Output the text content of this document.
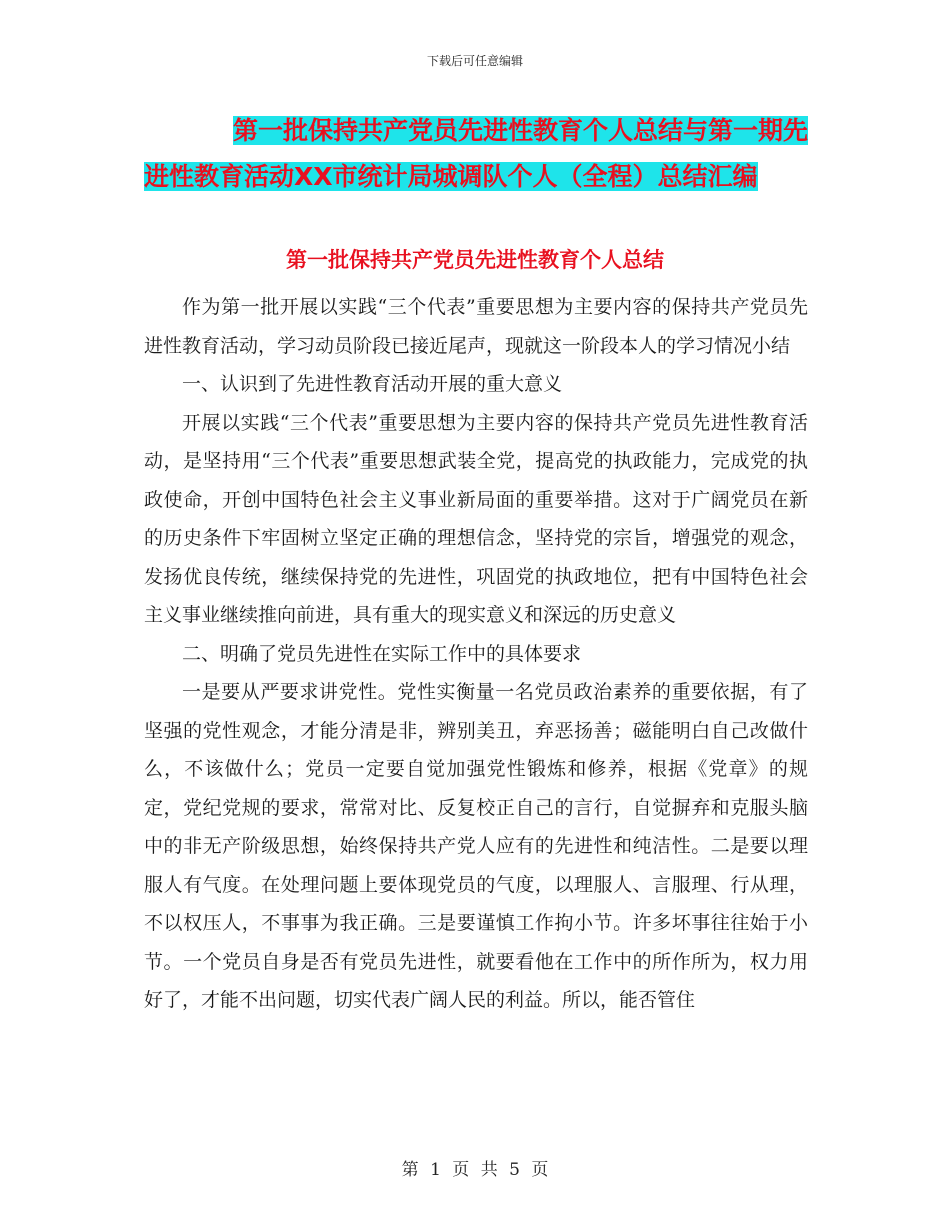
下载后可任意编辑
第一批保持共产党员先进性教育个人总结与第一期先
进性教育活动XX市统计局城调队个人（全程）总结汇编
第一批保持共产党员先进性教育个人总结

作为第一批开展以实践“三个代表”重要思想为主要内容的保持共产党员先进性教育活动，学习动员阶段已接近尾声，现就这一阶段本人的学习情况小结

一、认识到了先进性教育活动开展的重大意义

开展以实践“三个代表”重要思想为主要内容的保持共产党员先进性教育活动，是坚持用“三个代表”重要思想武装全党，提高党的执政能力，完成党的执政使命，开创中国特色社会主义事业新局面的重要举措。这对于广阔党员在新的历史条件下牢固树立坚定正确的理想信念，坚持党的宗旨，增强党的观念，发扬优良传统，继续保持党的先进性，巩固党的执政地位，把有中国特色社会主义事业继续推向前进，具有重大的现实意义和深远的历史意义

二、明确了党员先进性在实际工作中的具体要求

一是要从严要求讲党性。党性实衡量一名党员政治素养的重要依据，有了坚强的党性观念，才能分清是非，辨别美丑，弃恶扬善；磁能明白自己改做什么，不该做什么；党员一定要自觉加强党性锻炼和修养，根据《党章》的规定，党纪党规的要求，常常对比、反复校正自己的言行，自觉摒弃和克服头脑中的非无产阶级思想，始终保持共产党人应有的先进性和纯洁性。二是要以理服人有气度。在处理问题上要体现党员的气度，以理服人、言服理、行从理，不以权压人，不事事为我正确。三是要谨慎工作拘小节。许多坏事往往始于小节。一个党员自身是否有党员先进性，就要看他在工作中的所作所为，权力用好了，才能不出问题，切实代表广阔人民的利益。所以，能否管住

第 1 页 共 5 页
